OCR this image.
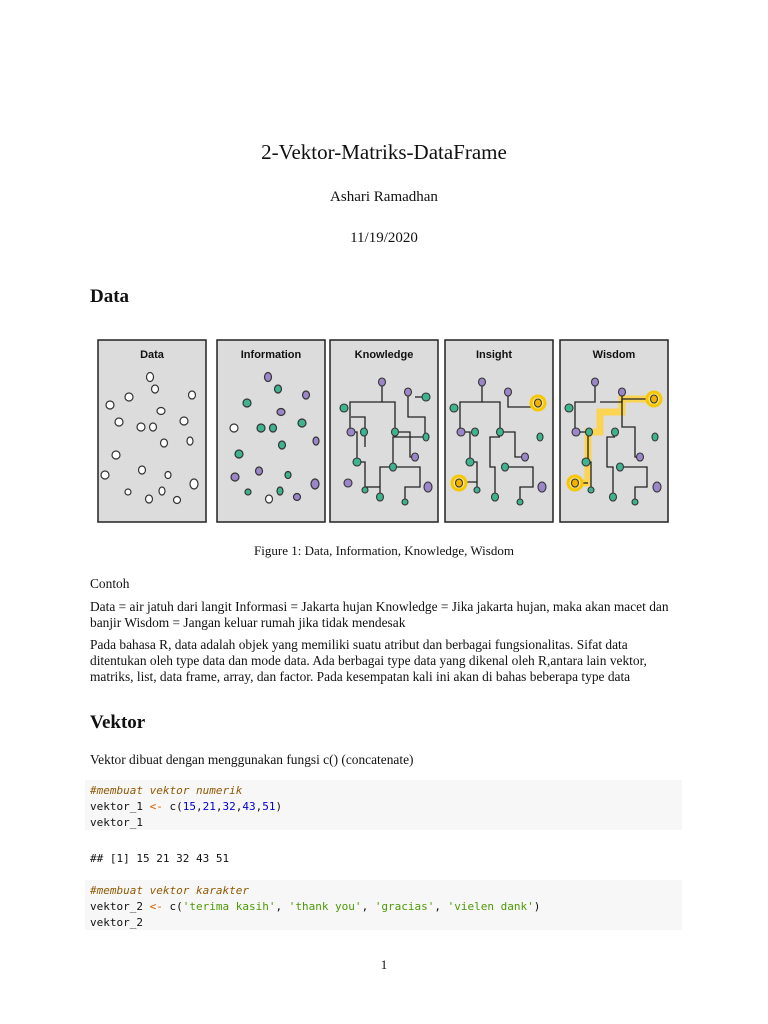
2-Vektor-Matriks-DataFrame
Ashari Ramadhan
11/19/2020
Data
Data	Information	Knowledge	Insight	Wisdom
Figure 1: Data, Information, Knowledge, Wisdom
Contoh
Data = air jatuh dari langit Informasi = Jakarta hujan Knowledge = Jika jakarta hujan, maka akan macet dan banjir Wisdom = Jangan keluar rumah jika tidak mendesak
Pada bahasa R, data adalah objek yang memiliki suatu atribut dan berbagai fungsionalitas. Sifat data ditentukan oleh type data dan mode data. Ada berbagai type data yang dikenal oleh R,antara lain vektor, matriks, list, data frame, array, dan factor. Pada kesempatan kali ini akan di bahas beberapa type data
Vektor
Vektor dibuat dengan menggunakan fungsi c() (concatenate)
#membuat vektor numerik
vektor_1 <- c(15,21,32,43,51)
vektor_1
## [1] 15 21 32 43 51
#membuat vektor karakter
vektor_2 <- c('terima kasih', 'thank you', 'gracias', 'vielen dank')
vektor_2
1
